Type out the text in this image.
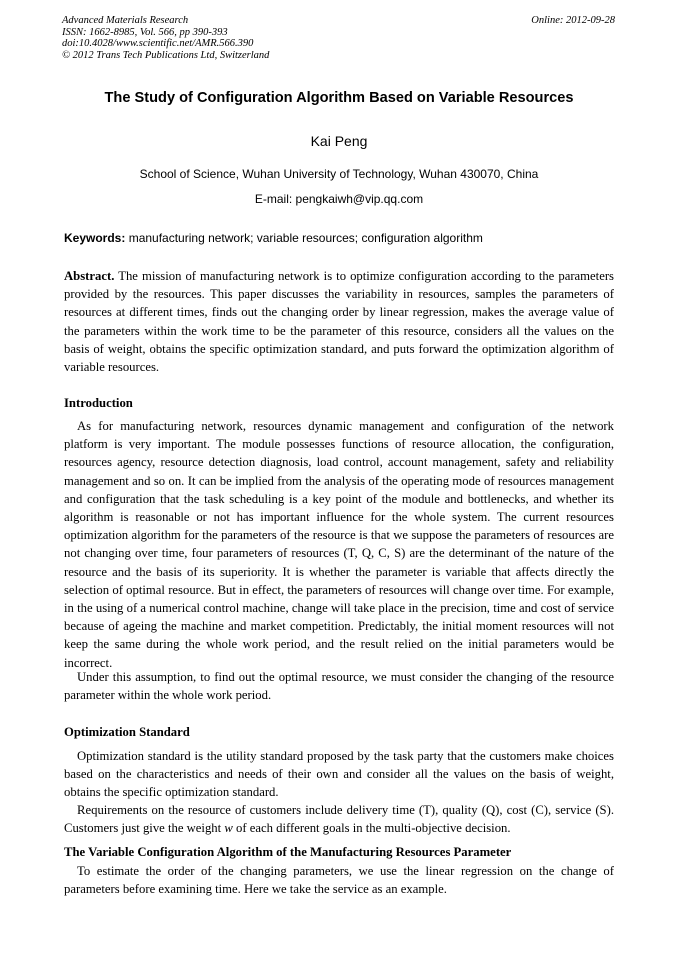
Advanced Materials Research
ISSN: 1662-8985, Vol. 566, pp 390-393
doi:10.4028/www.scientific.net/AMR.566.390
© 2012 Trans Tech Publications Ltd, Switzerland
Online: 2012-09-28
The Study of Configuration Algorithm Based on Variable Resources
Kai Peng
School of Science, Wuhan University of Technology, Wuhan 430070, China
E-mail: pengkaiwh@vip.qq.com
Keywords: manufacturing network; variable resources; configuration algorithm
Abstract. The mission of manufacturing network is to optimize configuration according to the parameters provided by the resources. This paper discusses the variability in resources, samples the parameters of resources at different times, finds out the changing order by linear regression, makes the average value of the parameters within the work time to be the parameter of this resource, considers all the values on the basis of weight, obtains the specific optimization standard, and puts forward the optimization algorithm of variable resources.
Introduction
As for manufacturing network, resources dynamic management and configuration of the network platform is very important. The module possesses functions of resource allocation, the configuration, resources agency, resource detection diagnosis, load control, account management, safety and reliability management and so on. It can be implied from the analysis of the operating mode of resources management and configuration that the task scheduling is a key point of the module and bottlenecks, and whether its algorithm is reasonable or not has important influence for the whole system. The current resources optimization algorithm for the parameters of the resource is that we suppose the parameters of resources are not changing over time, four parameters of resources (T, Q, C, S) are the determinant of the nature of the resource and the basis of its superiority. It is whether the parameter is variable that affects directly the selection of optimal resource. But in effect, the parameters of resources will change over time. For example, in the using of a numerical control machine, change will take place in the precision, time and cost of service because of ageing the machine and market competition. Predictably, the initial moment resources will not keep the same during the whole work period, and the result relied on the initial parameters would be incorrect.
Under this assumption, to find out the optimal resource, we must consider the changing of the resource parameter within the whole work period.
Optimization Standard
Optimization standard is the utility standard proposed by the task party that the customers make choices based on the characteristics and needs of their own and consider all the values on the basis of weight, obtains the specific optimization standard.
Requirements on the resource of customers include delivery time (T), quality (Q), cost (C), service (S). Customers just give the weight w of each different goals in the multi-objective decision.
The Variable Configuration Algorithm of the Manufacturing Resources Parameter
To estimate the order of the changing parameters, we use the linear regression on the change of parameters before examining time. Here we take the service as an example.
